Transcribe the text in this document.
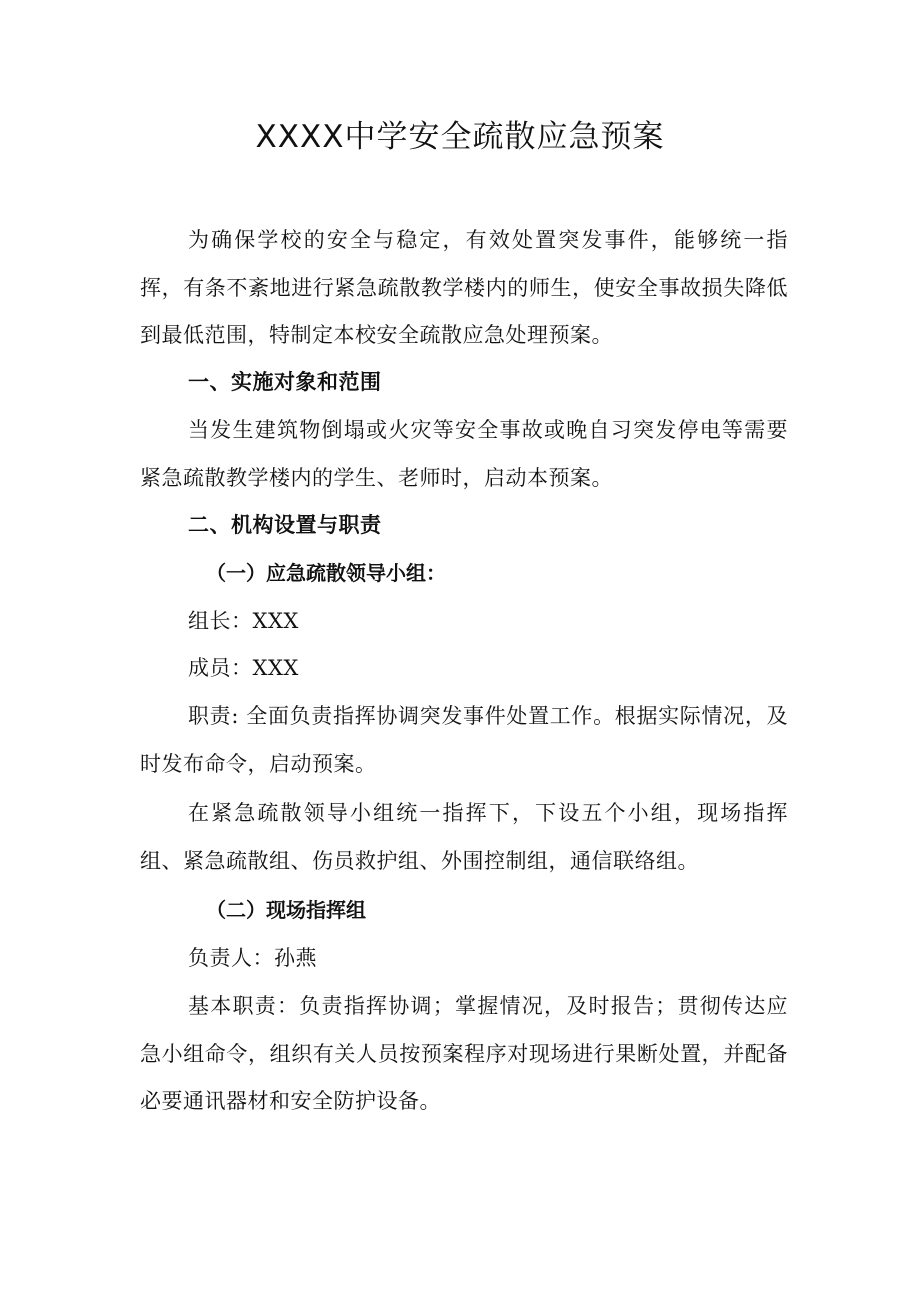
XXXX中学安全疏散应急预案

为确保学校的安全与稳定，有效处置突发事件，能够统一指挥，有条不紊地进行紧急疏散教学楼内的师生，使安全事故损失降低到最低范围，特制定本校安全疏散应急处理预案。

一、实施对象和范围

当发生建筑物倒塌或火灾等安全事故或晚自习突发停电等需要紧急疏散教学楼内的学生、老师时，启动本预案。

二、机构设置与职责

（一）应急疏散领导小组：

组长：XXX

成员：XXX

职责: 全面负责指挥协调突发事件处置工作。根据实际情况，及时发布命令，启动预案。

在紧急疏散领导小组统一指挥下，下设五个小组，现场指挥组、紧急疏散组、伤员救护组、外围控制组，通信联络组。

（二）现场指挥组

负责人：孙燕

基本职责：负责指挥协调；掌握情况，及时报告；贯彻传达应急小组命令，组织有关人员按预案程序对现场进行果断处置，并配备必要通讯器材和安全防护设备。
